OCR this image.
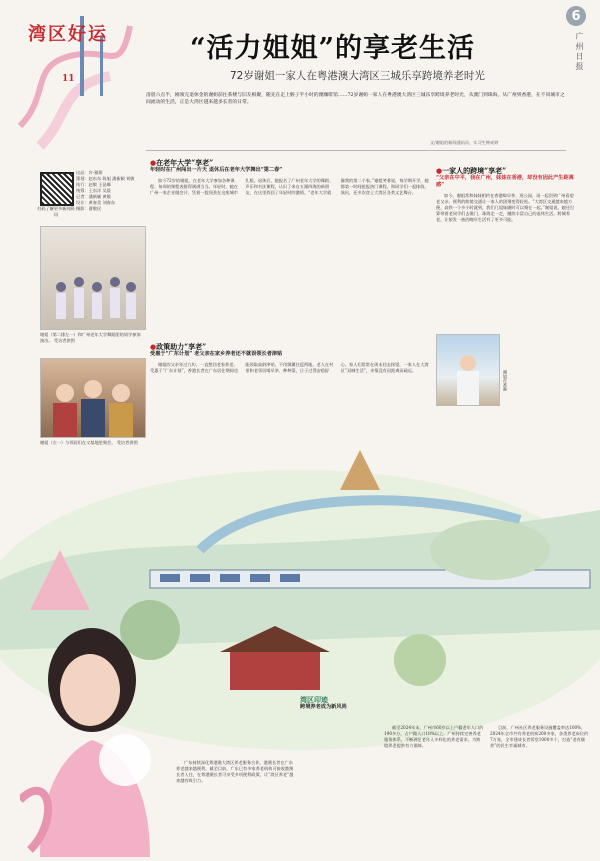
湾区好运
11
6
广州日报
“活力姐姐”的享老生活
72岁谢姐一家人在粤港澳大湾区三城乐享跨境养老时光
清晨六点半，刚领完退休金的谢姐前往茶楼与旧友相聚，随先在走上猴子半小时的澳咖啡馆……72岁谢姐一家人在粤港澳大湾区三城乐享跨境养老时光，从澳门到珠海，从广州到香港，在不同城市之间流动的生活，正是大湾区越来越多长者的日常。
文/谢姐的新闻通讯员、实习生钟成婷
扫码了解更多新闻资讯
出品：许·雅翔
策划：赵东东 陈旭 潘新颖 刘敏
执行：赵敏 王昆峰
统筹：王东洋 吴晨
记者：潘新颖 黄敏
设计：黄春美 刘春东
摄影：曹敬民
谢姐（第二排左一）和广州老年大学舞蹈团的同学参加演出。 受访者供图
谢姐（左一）与邻居们在又基地里聚会。 受访者供图
●在老年大学“享老”
年轻时在广州闯出一片天 退休后在老年大学舞出“第二春”
如今72岁的谢姐，在老年大学参加各种课程，每周的课程表排得满满当当。年轻时，她在广州一家企业做会计，凭着一股闯劲在这座城市扎根。退休后，她报名了广州老年大学的舞蹈、声乐和书法课程，认识了来自五湖四海的新朋友，在这里找回了年轻时的激情。“老年大学就像我的第二个家。”谢姐笑着说，每学期开学，她都第一时间抢报热门课程，和同学们一起排练、演出，还多次登上大湾区各类文艺舞台。
●政策助力“享老”
受惠于“广东计划” 老父亲在家乡养老还不就误领长者津贴
谢姐的父亲年过九旬，一直想回老家养老。受惠于“广东计划”，香港长者在广东居住期间也能领取高龄津贴，不用频繁往返两地。老人在村里和老邻居喝早茶、种种菜，日子过得安稳舒心。家人们常常在周末回去探望，一家人在大湾区“双城生活”，亲情没有因距离而疏远。
●一家人的跨境“享老”
“父亲在中平，我在广州，妹妹在香港，却没有因此产生距离感”
如今，谢姐常和妹妹相约在香港喝早茶、逛公园，再一起回到广州看望老父亲。便利的跨境交通让一家人的团聚变得轻松。“大湾区交通越来越方便，高铁一个多小时就到，我们几姐妹随时可以聚在一起。”谢姐说，她还打算带着老同学们去澳门、珠海走一走，继续丰富自己的退休生活。跨城养老，让银发一族的晚年生活有了更多可能。
谢姐在香港
湾区印迹
跨境养老成为新风尚
广东持续深化粤港澳大湾区养老服务合作，港澳长者在广东养老越来越便利。截至目前，广东已有多家养老机构可接收港澳长者入住，在粤港澳长者可享受多项便利政策，让“湾区养老”越来越有吸引力。
截至2024年末，广州市60岁以上户籍老年人口约190多万，占户籍人口18%以上。广州持续完善养老服务体系，不断满足老年人多样化的养老需求，为跨境养老提供有力保障。
目前，广州社区养老服务设施覆盖率达100%，2024年全市共有养老机构200多家，各类养老床位约7万张，全市建成长者饭堂1000多个，打造“老有颐养”的民生幸福城市。
